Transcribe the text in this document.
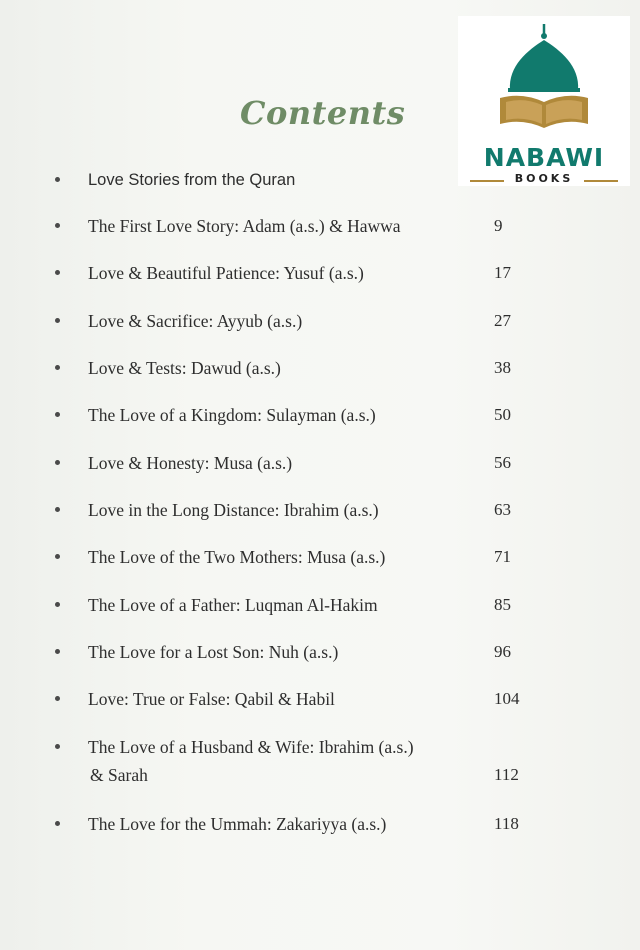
Contents
NABAWI
BOOKS
Love Stories from the Quran
The First Love Story: Adam (a.s.) & Hawwa	9
Love & Beautiful Patience: Yusuf (a.s.)	17
Love & Sacrifice: Ayyub (a.s.)	27
Love & Tests: Dawud (a.s.)	38
The Love of a Kingdom: Sulayman (a.s.)	50
Love & Honesty: Musa (a.s.)	56
Love in the Long Distance: Ibrahim (a.s.)	63
The Love of the Two Mothers: Musa (a.s.)	71
The Love of a Father: Luqman Al-Hakim	85
The Love for a Lost Son: Nuh (a.s.)	96
Love: True or False: Qabil & Habil	104
The Love of a Husband & Wife: Ibrahim (a.s.)
& Sarah	112
The Love for the Ummah: Zakariyya (a.s.)	118
